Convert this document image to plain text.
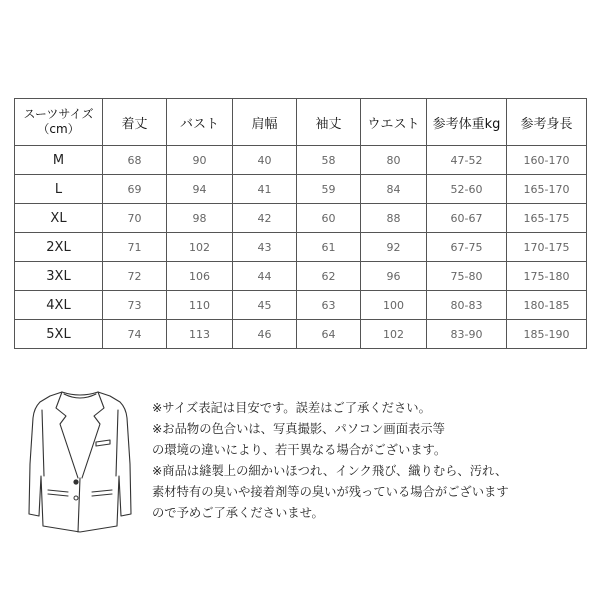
スーツサイズ
（cm）	着丈	バスト	肩幅	袖丈	ウエスト	参考体重kg	参考身長
M	68	90	40	58	80	47-52	160-170
L	69	94	41	59	84	52-60	165-170
XL	70	98	42	60	88	60-67	165-175
2XL	71	102	43	61	92	67-75	170-175
3XL	72	106	44	62	96	75-80	175-180
4XL	73	110	45	63	100	80-83	180-185
5XL	74	113	46	64	102	83-90	185-190
※サイズ表記は目安です。誤差はご了承ください。
※お品物の色合いは、写真撮影、パソコン画面表示等
の環境の違いにより、若干異なる場合がございます。
※商品は縫製上の細かいほつれ、インク飛び、織りむら、汚れ、
素材特有の臭いや接着剤等の臭いが残っている場合がございます
ので予めご了承くださいませ。
